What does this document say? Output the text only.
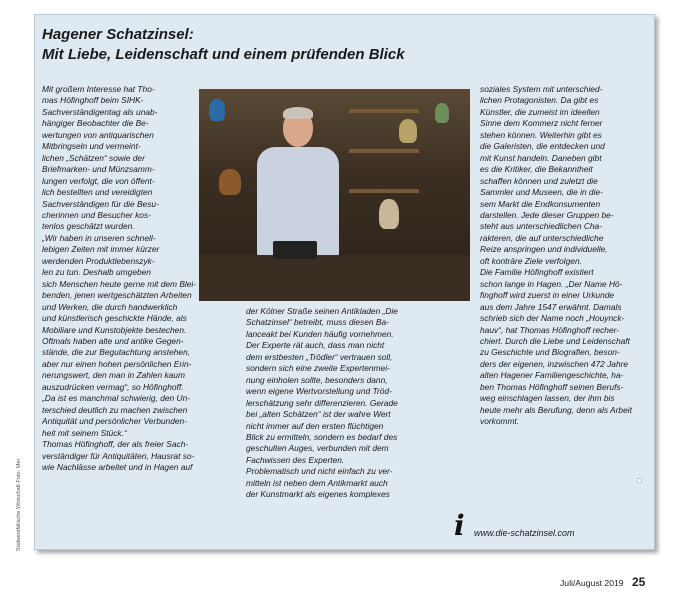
Hagener Schatzinsel:
Mit Liebe, Leidenschaft und einem prüfenden Blick
Mit großem Interesse hat Tho-
mas Höfinghoff beim SIHK-
Sachverständigentag als unab-
hängiger Beobachter die Be-
wertungen von antiquarischen
Mitbringseln und vermeint-
lichen „Schätzen“ sowie der
Briefmarken- und Münzsamm-
lungen verfolgt, die von öffent-
lich bestellten und vereidigten
Sachverständigen für die Besu-
cherinnen und Besucher kos-
tenlos geschätzt wurden.
„Wir haben in unseren schnell-
lebigen Zeiten mit immer kürzer
werdenden Produktlebenszyk-
len zu tun. Deshalb umgeben
sich Menschen heute gerne mit dem Blei-
benden, jenen wertgeschätzten Arbeiten
und Werken, die durch handwerklich
und künstlerisch geschickte Hände, als
Mobiliare und Kunstobjekte bestechen.
Oftmals haben alte und antike Gegen-
stände, die zur Begutachtung anstehen,
aber nur einen hohen persönlichen Erin-
nerungswert, den man in Zahlen kaum
auszudrücken vermag“, so Höfinghoff.
„Da ist es manchmal schwierig, den Un-
terschied deutlich zu machen zwischen
Antiquität und persönlicher Verbunden-
heit mit seinem Stück.“
Thomas Höfinghoff, der als freier Sach-
verständiger für Antiquitäten, Hausrat so-
wie Nachlässe arbeitet und in Hagen auf
der Kölner Straße seinen Antikladen „Die
Schatzinsel“ betreibt, muss diesen Ba-
lanceakt bei Kunden häufig vornehmen.
Der Experte rät auch, dass man nicht
dem erstbesten „Trödler“ vertrauen soll,
sondern sich eine zweite Expertenmei-
nung einholen sollte, besonders dann,
wenn eigene Wertvorstellung und Tröd-
lerschätzung sehr differenzieren. Gerade
bei „alten Schätzen“ ist der wahre Wert
nicht immer auf den ersten flüchtigen
Blick zu ermitteln, sondern es bedarf des
geschulten Auges, verbunden mit dem
Fachwissen des Experten.
Problematisch und nicht einfach zu ver-
mitteln ist neben dem Antikmarkt auch
der Kunstmarkt als eigenes komplexes
soziales System mit unterschied-
lichen Protagonisten. Da gibt es
Künstler, die zumeist im ideellen
Sinne dem Kommerz nicht ferner
stehen können. Weiterhin gibt es
die Galeristen, die entdecken und
mit Kunst handeln. Daneben gibt
es die Kritiker, die Bekanntheit
schaffen können und zuletzt die
Sammler und Museen, die in die-
sem Markt die Endkonsumenten
darstellen. Jede dieser Gruppen be-
steht aus unterschiedlichen Cha-
rakteren, die auf unterschiedliche
Reize anspringen und individuelle,
oft konträre Ziele verfolgen.
Die Familie Höfinghoff existiert
schon lange in Hagen. „Der Name Hö-
finghoff wird zuerst in einer Urkunde
aus dem Jahre 1547 erwähnt. Damals
schrieb sich der Name noch „Houynck-
hauv“, hat Thomas Höfinghoff recher-
chiert. Durch die Liebe und Leidenschaft
zu Geschichte und Biografien, beson-
ders der eigenen, inzwischen 472 Jahre
alten Hagener Familiengeschichte, ha-
ben Thomas Höfinghoff seinen Berufs-
weg einschlagen lassen, der ihm bis
heute mehr als Berufung, denn als Arbeit
vorkommt.
i	www.die-schatzinsel.com
Südwestfälische Wirtschaft Foto: Mer
Juli/August 2019 25
